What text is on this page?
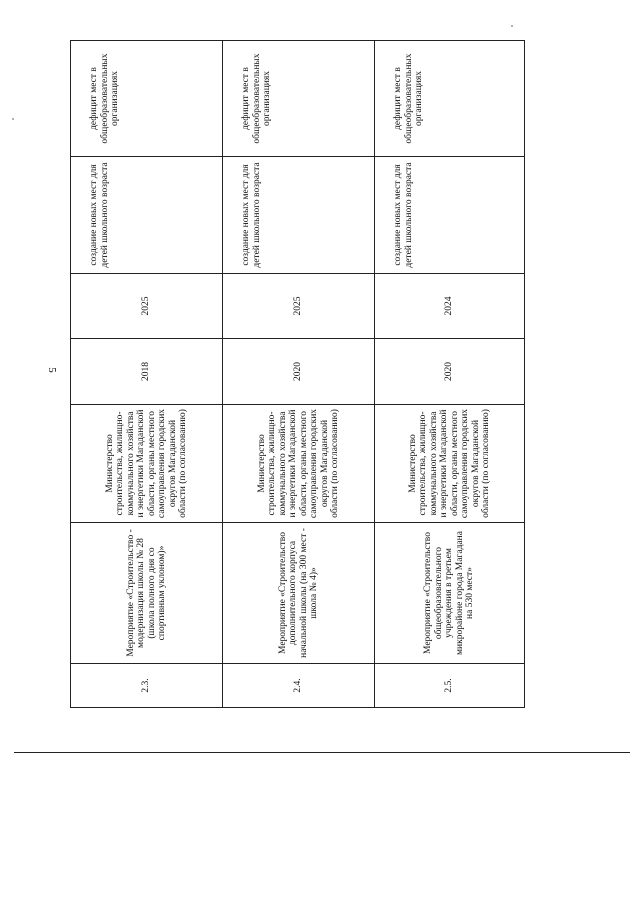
5
2.3.
Мероприятие «Строительство - модернизация школы № 28 (школа полного дня со спортивным уклоном)»
Министерство строительства, жилищно-коммунального хозяйства и энергетики Магаданской области, органы местного самоуправления городских округов Магаданской области (по согласованию)
2018
2025
создание новых мест для детей школьного возраста
дефицит мест в общеобразовательных организациях
2.4.
Мероприятие «Строительство дополнительного корпуса начальной школы (на 300 мест - школа № 4)»
Министерство строительства, жилищно-коммунального хозяйства и энергетики Магаданской области, органы местного самоуправления городских округов Магаданской области (по согласованию)
2020
2025
создание новых мест для детей школьного возраста
дефицит мест в общеобразовательных организациях
2.5.
Мероприятие «Строительство общеобразовательного учреждения в третьем микрорайоне города Магадана на 530 мест»
Министерство строительства, жилищно-коммунального хозяйства и энергетики Магаданской области, органы местного самоуправления городских округов Магаданской области (по согласованию)
2020
2024
создание новых мест для детей школьного возраста
дефицит мест в общеобразовательных организациях
